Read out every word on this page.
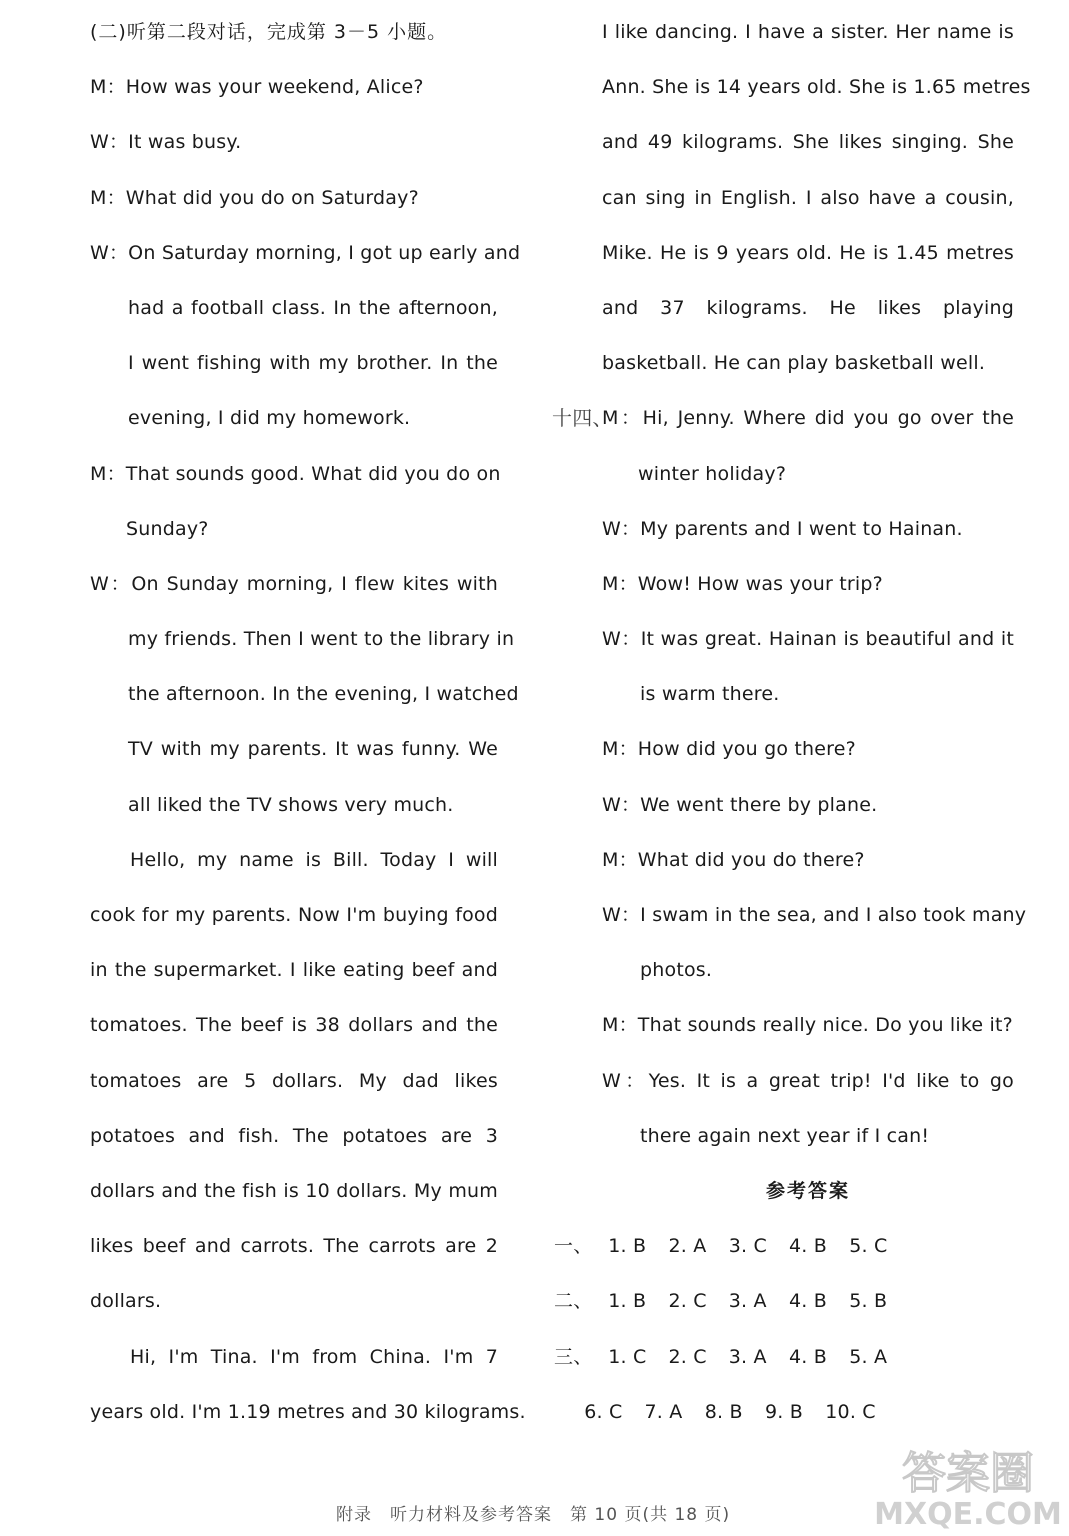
(二)听第二段对话，完成第 3－5 小题。
M：How was your weekend, Alice?
W：It was busy.
M：What did you do on Saturday?
W：On Saturday morning, I got up early and
had a football class. In the afternoon,
I went fishing with my brother. In the
evening, I did my homework.
M：That sounds good. What did you do on
Sunday?
W：On Sunday morning, I flew kites with
my friends. Then I went to the library in
the afternoon. In the evening, I watched
TV with my parents. It was funny. We
all liked the TV shows very much.
Hello, my name is Bill. Today I will
cook for my parents. Now I'm buying food
in the supermarket. I like eating beef and
tomatoes. The beef is 38 dollars and the
tomatoes are 5 dollars. My dad likes
potatoes and fish. The potatoes are 3
dollars and the fish is 10 dollars. My mum
likes beef and carrots. The carrots are 2
dollars.
Hi, I'm Tina. I'm from China. I'm 7
years old. I'm 1.19 metres and 30 kilograms.
I like dancing. I have a sister. Her name is
Ann. She is 14 years old. She is 1.65 metres
and 49 kilograms. She likes singing. She
can sing in English. I also have a cousin,
Mike. He is 9 years old. He is 1.45 metres
and 37 kilograms. He likes playing
basketball. He can play basketball well.
十四、
M：Hi, Jenny. Where did you go over the
winter holiday?
W：My parents and I went to Hainan.
M：Wow! How was your trip?
W：It was great. Hainan is beautiful and it
is warm there.
M：How did you go there?
W：We went there by plane.
M：What did you do there?
W：I swam in the sea, and I also took many
photos.
M：That sounds really nice. Do you like it?
W：Yes. It is a great trip! I'd like to go
there again next year if I can!
参考答案
一、 1. B 2. A 3. C 4. B 5. C
二、 1. B 2. C 3. A 4. B 5. B
三、 1. C 2. C 3. A 4. B 5. A
6. C 7. A 8. B 9. B 10. C
附录　听力材料及参考答案　第 10 页(共 18 页)
答案圈
MXQE.COM
